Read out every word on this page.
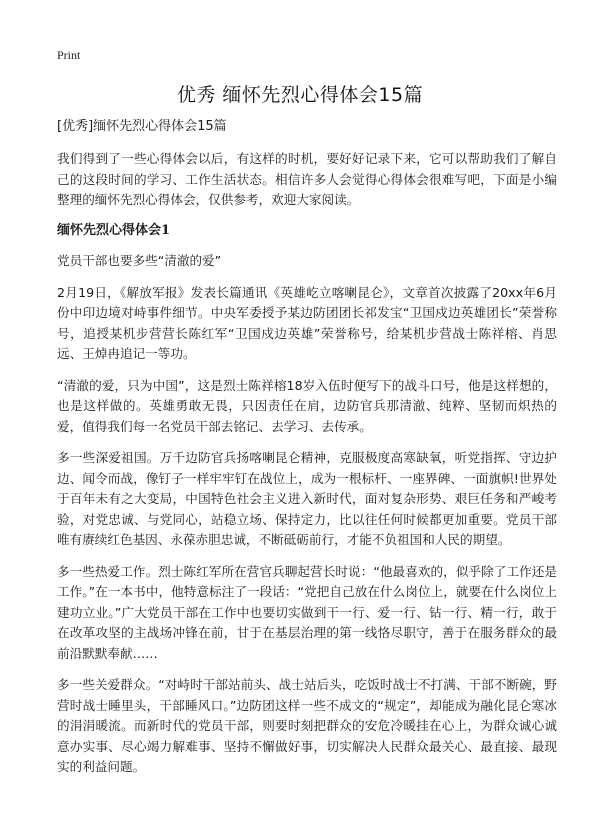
Print
优秀 缅怀先烈心得体会15篇

[优秀]缅怀先烈心得体会15篇

我们得到了一些心得体会以后，有这样的时机，要好好记录下来，它可以帮助我们了解自己的这段时间的学习、工作生活状态。相信许多人会觉得心得体会很难写吧，下面是小编整理的缅怀先烈心得体会，仅供参考，欢迎大家阅读。

缅怀先烈心得体会1

党员干部也要多些“清澈的爱”

2月19日，《解放军报》发表长篇通讯《英雄屹立喀喇昆仑》，文章首次披露了20xx年6月份中印边境对峙事件细节。中央军委授予某边防团团长祁发宝“卫国戍边英雄团长”荣誉称号，追授某机步营营长陈红军“卫国戍边英雄”荣誉称号，给某机步营战士陈祥榕、肖思远、王焯冉追记一等功。

“清澈的爱，只为中国”，这是烈士陈祥榕18岁入伍时便写下的战斗口号，他是这样想的，也是这样做的。英雄勇敢无畏，只因责任在肩，边防官兵那清澈、纯粹、坚韧而炽热的爱，值得我们每一名党员干部去铭记、去学习、去传承。

多一些深爱祖国。万千边防官兵扬喀喇昆仑精神，克服极度高寒缺氧，听党指挥、守边护边、闻令而战，像钉子一样牢牢钉在战位上，成为一根标杆、一座界碑、一面旗帜!世界处于百年未有之大变局，中国特色社会主义进入新时代，面对复杂形势、艰巨任务和严峻考验，对党忠诚、与党同心，站稳立场、保持定力，比以往任何时候都更加重要。党员干部唯有赓续红色基因、永葆赤胆忠诚，不断砥砺前行，才能不负祖国和人民的期望。

多一些热爱工作。烈士陈红军所在营官兵聊起营长时说：“他最喜欢的，似乎除了工作还是工作。”在一本书中，他特意标注了一段话：“党把自己放在什么岗位上，就要在什么岗位上建功立业。”广大党员干部在工作中也要切实做到干一行、爱一行、钻一行、精一行，敢于在改革攻坚的主战场冲锋在前，甘于在基层治理的第一线恪尽职守，善于在服务群众的最前沿默默奉献……

多一些关爱群众。“对峙时干部站前头、战士站后头，吃饭时战士不打满、干部不断碗，野营时战士睡里头，干部睡风口。”边防团这样一些不成文的“规定”，却能成为融化昆仑寒冰的涓涓暖流。而新时代的党员干部，则要时刻把群众的安危冷暖挂在心上，为群众诚心诚意办实事、尽心竭力解难事、坚持不懈做好事，切实解决人民群众最关心、最直接、最现实的利益问题。
